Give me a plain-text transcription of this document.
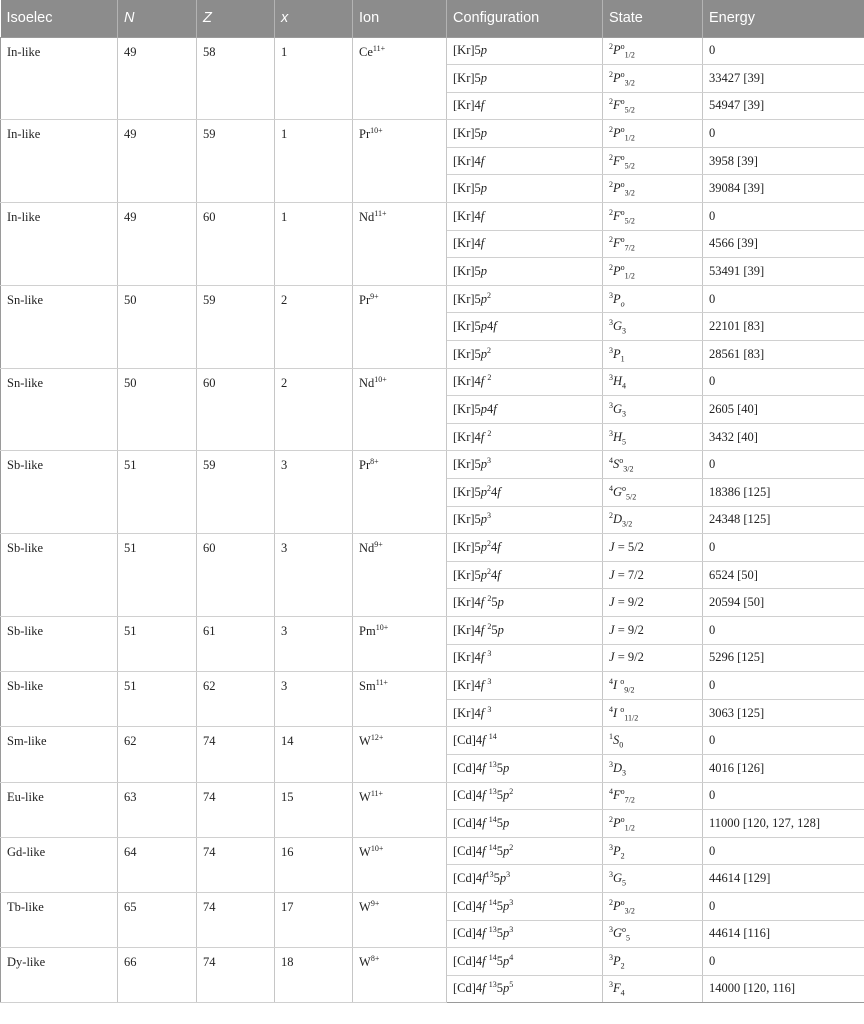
Isoelec	N	Z	x	Ion	Configuration	State	Energy
In-like	49	58	1	$Ce^{11+}$	[Kr]5p	$^2P^o_{1/2}$	0
					[Kr]5p	$^2P^o_{3/2}$	33427 [39]
					[Kr]4f	$^2F^o_{5/2}$	54947 [39]
In-like	49	59	1	$Pr^{10+}$	[Kr]5p	$^2P^o_{1/2}$	0
					[Kr]4f	$^2F^o_{5/2}$	3958 [39]
					[Kr]5p	$^2P^o_{3/2}$	39084 [39]
In-like	49	60	1	$Nd^{11+}$	[Kr]4f	$^2F^o_{5/2}$	0
					[Kr]4f	$^2F^o_{7/2}$	4566 [39]
					[Kr]5p	$^2P^o_{1/2}$	53491 [39]
Sn-like	50	59	2	$Pr^{9+}$	$[Kr]5p^2$	$^3P_o$	0
					[Kr]5p4f	$^3G_3$	22101 [83]
					$[Kr]5p^2$	$^3P_1$	28561 [83]
Sn-like	50	60	2	$Nd^{10+}$	[Kr]4f $^2$	$^3H_4$	0
					[Kr]5p4f	$^3G_3$	2605 [40]
					[Kr]4f $^2$	$^3H_5$	3432 [40]
Sb-like	51	59	3	$Pr^{8+}$	$[Kr]5p^3$	$^4S^o_{3/2}$	0
					$[Kr]5p^24f$	$^4G^o_{5/2}$	18386 [125]
					$[Kr]5p^3$	$^2D_{3/2}$	24348 [125]
Sb-like	51	60	3	$Nd^{9+}$	$[Kr]5p^24f$	J = 5/2	0
					$[Kr]5p^24f$	J = 7/2	6524 [50]
					[Kr]4f $^2$5p	J = 9/2	20594 [50]
Sb-like	51	61	3	$Pm^{10+}$	[Kr]4f $^2$5p	J = 9/2	0
					[Kr]4f $^3$	J = 9/2	5296 [125]
Sb-like	51	62	3	$Sm^{11+}$	[Kr]4f $^3$	$^4$I $^o_{9/2}$	0
					[Kr]4f $^3$	$^4$I $^o_{11/2}$	3063 [125]
Sm-like	62	74	14	$W^{12+}$	[Cd]4f $^{14}$	$^1S_0$	0
					[Cd]4f $^{13}$5p	$^3D_3$	4016 [126]
Eu-like	63	74	15	$W^{11+}$	[Cd]4f $^{13}5p^2$	$^4F^o_{7/2}$	0
					[Cd]4f $^{14}$5p	$^2P^o_{1/2}$	11000 [120, 127, 128]
Gd-like	64	74	16	$W^{10+}$	[Cd]4f $^{14}5p^2$	$^3P_2$	0
					$[Cd]4f^{13}5p^3$	$^3G_5$	44614 [129]
Tb-like	65	74	17	$W^{9+}$	[Cd]4f $^{14}5p^3$	$^2P^o_{3/2}$	0
					[Cd]4f $^{13}5p^3$	$^3G^o_5$	44614 [116]
Dy-like	66	74	18	$W^{8+}$	[Cd]4f $^{14}5p^4$	$^3P_2$	0
					[Cd]4f $^{13}5p^5$	$^3F_4$	14000 [120, 116]
